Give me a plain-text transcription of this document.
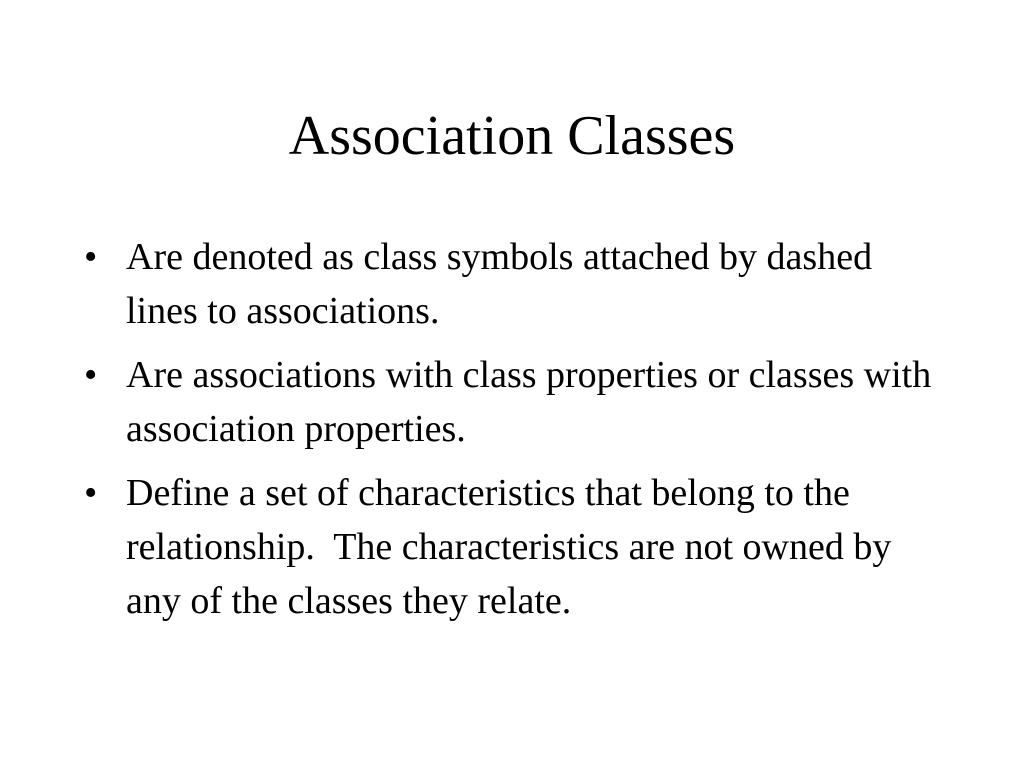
Association Classes
• Are denoted as class symbols attached by dashed lines to associations.
• Are associations with class properties or classes with association properties.
• Define a set of characteristics that belong to the relationship.  The characteristics are not owned by any of the classes they relate.
